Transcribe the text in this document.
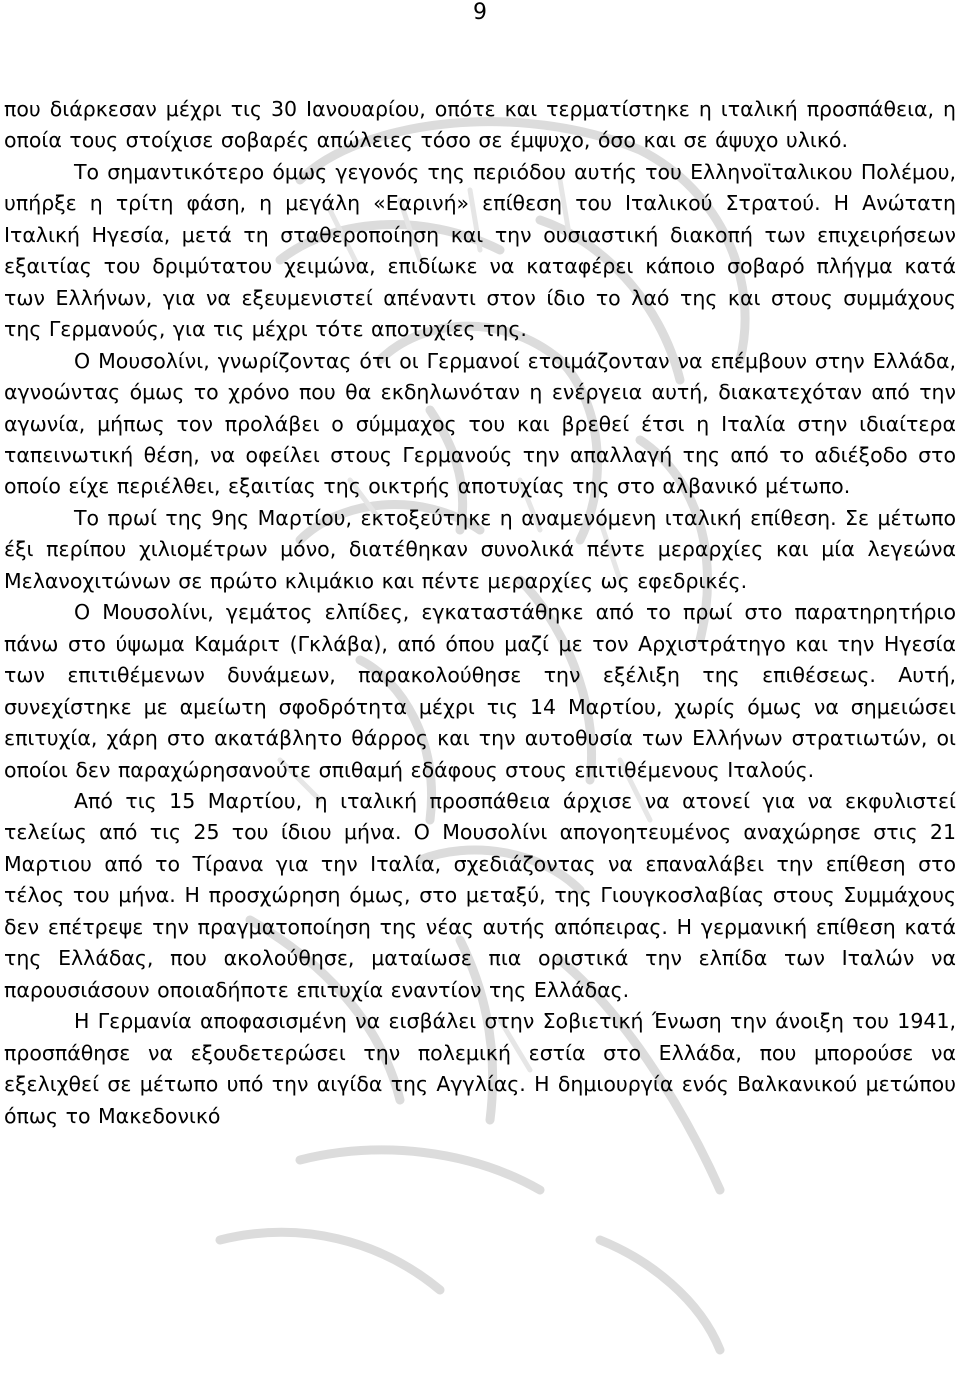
9

που διάρκεσαν μέχρι τις 30 Ιανουαρίου, οπότε και τερματίστηκε η ιταλική προσπάθεια, η οποία τους στοίχισε σοβαρές απώλειες τόσο σε έμψυχο, όσο και σε άψυχο υλικό.

Το σημαντικότερο όμως γεγονός της περιόδου αυτής του Ελληνοϊταλικου Πολέμου, υπήρξε η τρίτη φάση, η μεγάλη «Εαρινή» επίθεση του Ιταλικού Στρατού. Η Ανώτατη Ιταλική Ηγεσία, μετά τη σταθεροποίηση και την ουσιαστική διακοπή των επιχειρήσεων εξαιτίας του δριμύτατου χειμώνα, επιδίωκε να καταφέρει κάποιο σοβαρό πλήγμα κατά των Ελλήνων, για να εξευμενιστεί απέναντι στον ίδιο το λαό της και στους συμμάχους της Γερμανούς, για τις μέχρι τότε αποτυχίες της.

Ο Μουσολίνι, γνωρίζοντας ότι οι Γερμανοί ετοιμάζονταν να επέμβουν στην Ελλάδα, αγνοώντας όμως το χρόνο που θα εκδηλωνόταν η ενέργεια αυτή, διακατεχόταν από την αγωνία, μήπως τον προλάβει ο σύμμαχος του και βρεθεί έτσι η Ιταλία στην ιδιαίτερα ταπεινωτική θέση, να οφείλει στους Γερμανούς την απαλλαγή της από το αδιέξοδο στο οποίο είχε περιέλθει, εξαιτίας της οικτρής αποτυχίας της στο αλβανικό μέτωπο.

Το πρωί της 9ης Μαρτίου, εκτοξεύτηκε η αναμενόμενη ιταλική επίθεση. Σε μέτωπο έξι περίπου χιλιομέτρων μόνο, διατέθηκαν συνολικά πέντε μεραρχίες και μία λεγεώνα Μελανοχιτώνων σε πρώτο κλιμάκιο και πέντε μεραρχίες ως εφεδρικές.

Ο Μουσολίνι, γεμάτος ελπίδες, εγκαταστάθηκε από το πρωί στο παρατηρητήριο πάνω στο ύψωμα Καμάριτ (Γκλάβα), από όπου μαζί με τον Αρχιστράτηγο και την Ηγεσία των επιτιθέμενων δυνάμεων, παρακολούθησε την εξέλιξη της επιθέσεως. Αυτή, συνεχίστηκε με αμείωτη σφοδρότητα μέχρι τις 14 Μαρτίου, χωρίς όμως να σημειώσει επιτυχία, χάρη στο ακατάβλητο θάρρος και την αυτοθυσία των Ελλήνων στρατιωτών, οι οποίοι δεν παραχώρησανούτε σπιθαμή εδάφους στους επιτιθέμενους Ιταλούς.

Από τις 15 Μαρτίου, η ιταλική προσπάθεια άρχισε να ατονεί για να εκφυλιστεί τελείως από τις 25 του ίδιου μήνα. Ο Μουσολίνι απογοητευμένος αναχώρησε στις 21 Μαρτιου από το Τίρανα για την Ιταλία, σχεδιάζοντας να επαναλάβει την επίθεση στο τέλος του μήνα. Η προσχώρηση όμως, στο μεταξύ, της Γιουγκοσλαβίας στους Συμμάχους δεν επέτρεψε την πραγματοποίηση της νέας αυτής απόπειρας. Η γερμανική επίθεση κατά της Ελλάδας, που ακολούθησε, ματαίωσε πια οριστικά την ελπίδα των Ιταλών να παρουσιάσουν οποιαδήποτε επιτυχία εναντίον της Ελλάδας.

Η Γερμανία αποφασισμένη να εισβάλει στην Σοβιετική Ένωση την άνοιξη του 1941, προσπάθησε να εξουδετερώσει την πολεμική εστία στο Ελλάδα, που μπορούσε να εξελιχθεί σε μέτωπο υπό την αιγίδα της Αγγλίας. Η δημιουργία ενός Βαλκανικού μετώπου όπως το Μακεδονικό
